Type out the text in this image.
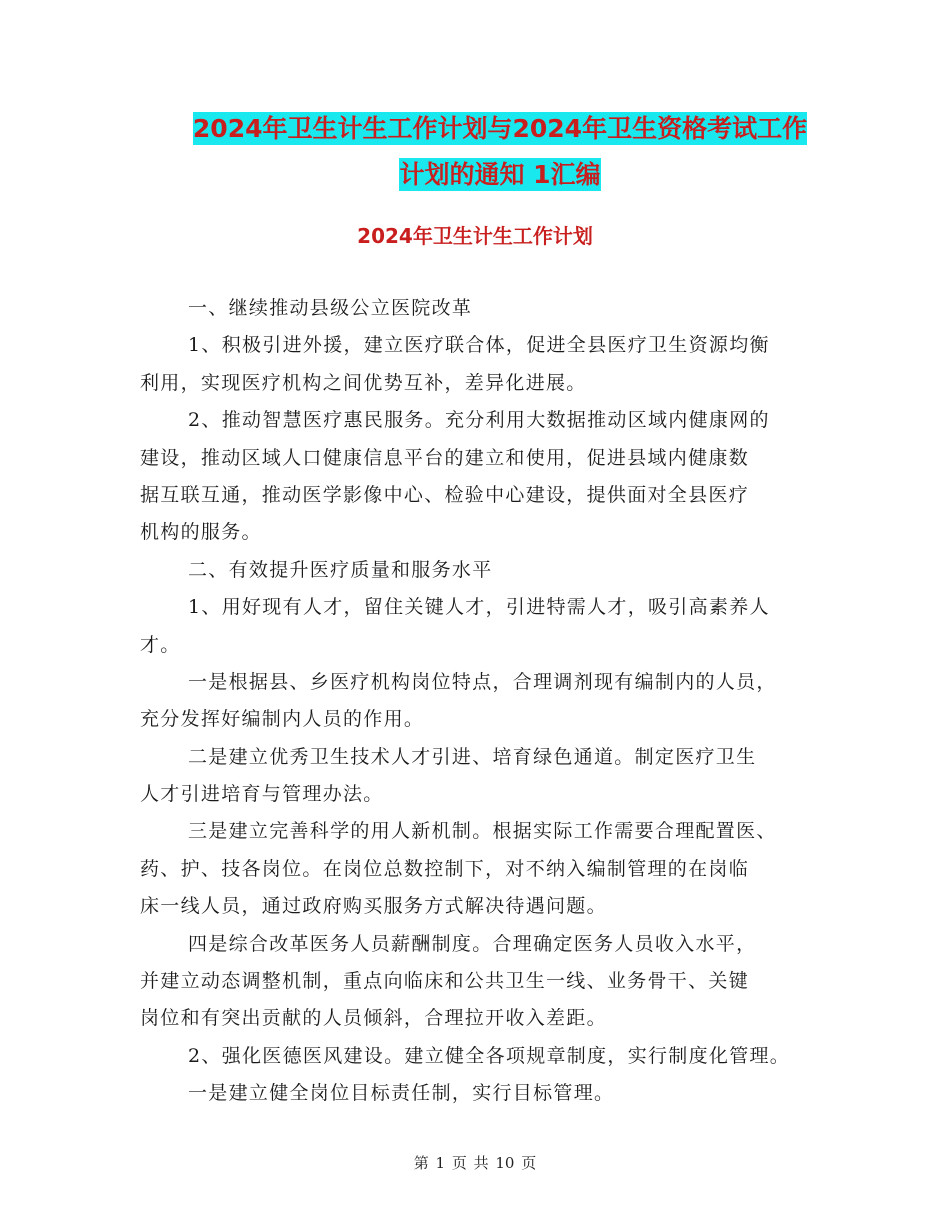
2024年卫生计生工作计划与2024年卫生资格考试工作
计划的通知 1汇编
2024年卫生计生工作计划
一、继续推动县级公立医院改革
1、积极引进外援，建立医疗联合体，促进全县医疗卫生资源均衡
利用，实现医疗机构之间优势互补，差异化进展。
2、推动智慧医疗惠民服务。充分利用大数据推动区域内健康网的
建设，推动区域人口健康信息平台的建立和使用，促进县域内健康数
据互联互通，推动医学影像中心、检验中心建设，提供面对全县医疗
机构的服务。
二、有效提升医疗质量和服务水平
1、用好现有人才，留住关键人才，引进特需人才，吸引高素养人
才。
一是根据县、乡医疗机构岗位特点，合理调剂现有编制内的人员，
充分发挥好编制内人员的作用。
二是建立优秀卫生技术人才引进、培育绿色通道。制定医疗卫生
人才引进培育与管理办法。
三是建立完善科学的用人新机制。根据实际工作需要合理配置医、
药、护、技各岗位。在岗位总数控制下，对不纳入编制管理的在岗临
床一线人员，通过政府购买服务方式解决待遇问题。
四是综合改革医务人员薪酬制度。合理确定医务人员收入水平，
并建立动态调整机制，重点向临床和公共卫生一线、业务骨干、关键
岗位和有突出贡献的人员倾斜，合理拉开收入差距。
2、强化医德医风建设。建立健全各项规章制度，实行制度化管理。
一是建立健全岗位目标责任制，实行目标管理。
第 1 页 共 10 页
